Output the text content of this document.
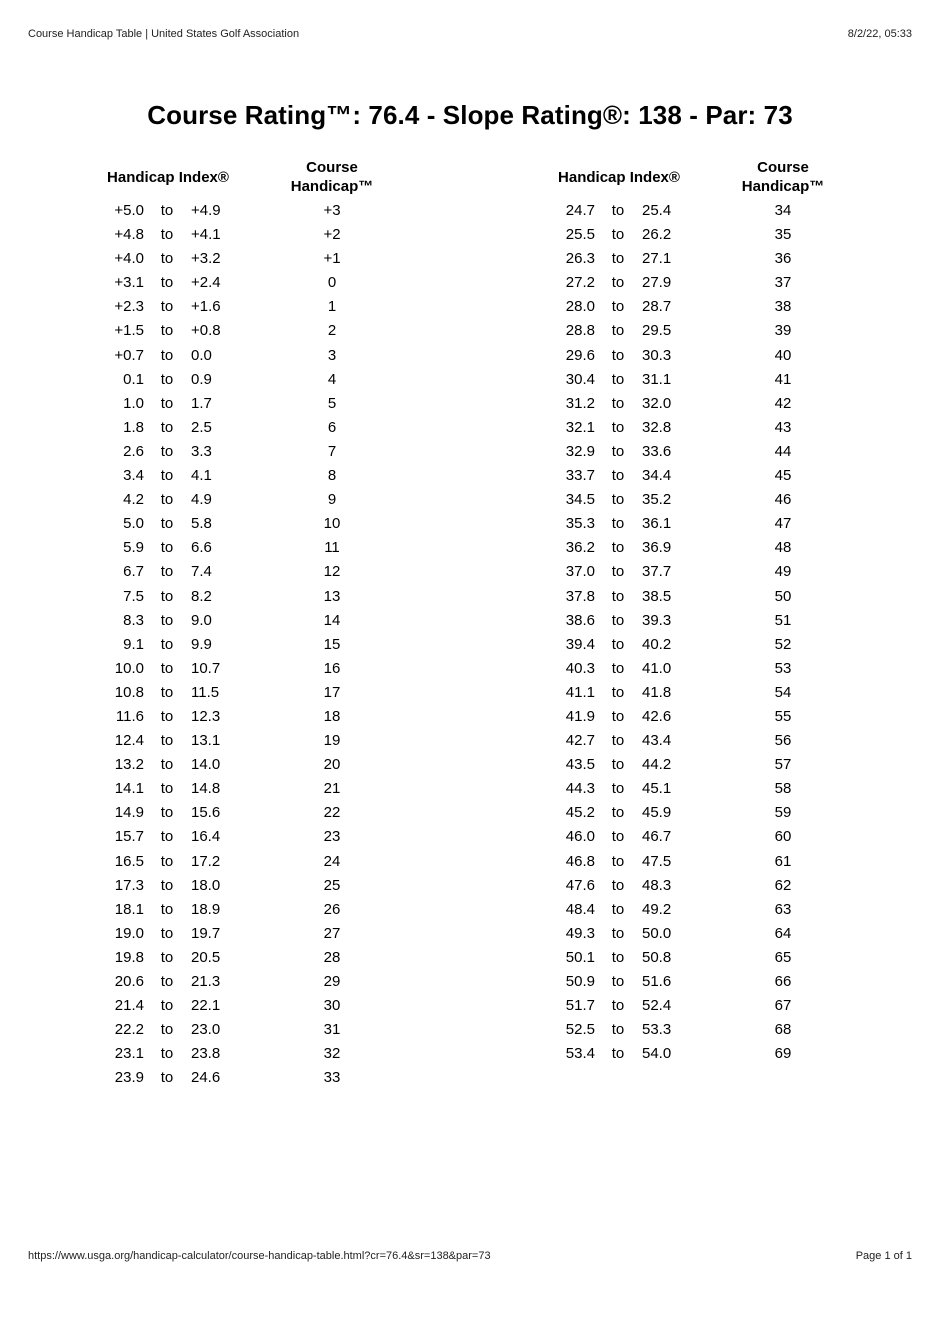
Course Handicap Table | United States Golf Association	8/2/22, 05:33
Course Rating™: 76.4 - Slope Rating®: 138 - Par: 73
Handicap Index®
Course
Handicap™
Handicap Index®
Course
Handicap™
+5.0	to	+4.9	+3
+4.8	to	+4.1	+2
+4.0	to	+3.2	+1
+3.1	to	+2.4	0
+2.3	to	+1.6	1
+1.5	to	+0.8	2
+0.7	to	0.0	3
0.1	to	0.9	4
1.0	to	1.7	5
1.8	to	2.5	6
2.6	to	3.3	7
3.4	to	4.1	8
4.2	to	4.9	9
5.0	to	5.8	10
5.9	to	6.6	11
6.7	to	7.4	12
7.5	to	8.2	13
8.3	to	9.0	14
9.1	to	9.9	15
10.0	to	10.7	16
10.8	to	11.5	17
11.6	to	12.3	18
12.4	to	13.1	19
13.2	to	14.0	20
14.1	to	14.8	21
14.9	to	15.6	22
15.7	to	16.4	23
16.5	to	17.2	24
17.3	to	18.0	25
18.1	to	18.9	26
19.0	to	19.7	27
19.8	to	20.5	28
20.6	to	21.3	29
21.4	to	22.1	30
22.2	to	23.0	31
23.1	to	23.8	32
23.9	to	24.6	33
24.7	to	25.4	34
25.5	to	26.2	35
26.3	to	27.1	36
27.2	to	27.9	37
28.0	to	28.7	38
28.8	to	29.5	39
29.6	to	30.3	40
30.4	to	31.1	41
31.2	to	32.0	42
32.1	to	32.8	43
32.9	to	33.6	44
33.7	to	34.4	45
34.5	to	35.2	46
35.3	to	36.1	47
36.2	to	36.9	48
37.0	to	37.7	49
37.8	to	38.5	50
38.6	to	39.3	51
39.4	to	40.2	52
40.3	to	41.0	53
41.1	to	41.8	54
41.9	to	42.6	55
42.7	to	43.4	56
43.5	to	44.2	57
44.3	to	45.1	58
45.2	to	45.9	59
46.0	to	46.7	60
46.8	to	47.5	61
47.6	to	48.3	62
48.4	to	49.2	63
49.3	to	50.0	64
50.1	to	50.8	65
50.9	to	51.6	66
51.7	to	52.4	67
52.5	to	53.3	68
53.4	to	54.0	69
https://www.usga.org/handicap-calculator/course-handicap-table.html?cr=76.4&sr=138&par=73	Page 1 of 1
